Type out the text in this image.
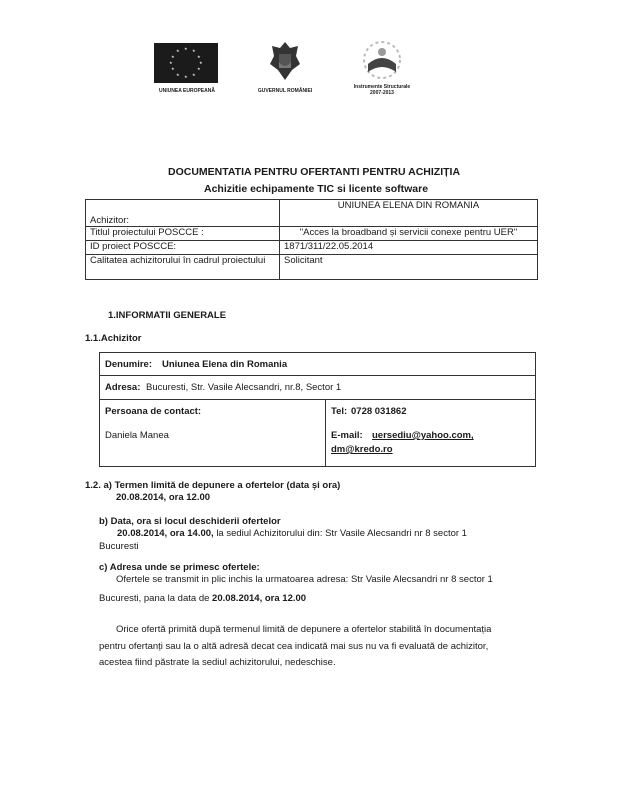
★ ★
★
★
★
★
★
★
★
★
★
★
UNIUNEA EUROPEANĂ	GUVERNUL ROMÂNIEI
Instrumente Structurale
2007-2013
DOCUMENTATIA PENTRU OFERTANTI PENTRU ACHIZIȚIA
Achizitie echipamente TIC si licente software
Achizitor:	UNIUNEA ELENA DIN ROMANIA
Titlul proiectului POSCCE :	"Acces la broadband și servicii conexe pentru UER"
ID proiect POSCCE:	1871/311/22.05.2014
Calitatea achizitorului în cadrul proiectului	Solicitant
1.INFORMATII GENERALE
1.1.Achizitor
Denumire: Uniunea Elena din Romania
Adresa: Bucuresti, Str. Vasile Alecsandri, nr.8, Sector 1
Persoana de contact:
Daniela Manea
Tel: 0728 031862
E-mail: uersediu@yahoo.com,
dm@kredo.ro
1.2. a) Termen limită de depunere a ofertelor (data și ora)
20.08.2014, ora 12.00
b) Data, ora si locul deschiderii ofertelor
20.08.2014, ora 14.00, la sediul Achizitorului din: Str Vasile Alecsandri nr 8 sector 1
Bucuresti
c) Adresa unde se primesc ofertele:
Ofertele se transmit in plic inchis la urmatoarea adresa: Str Vasile Alecsandri nr 8 sector 1
Bucuresti, pana la data de 20.08.2014, ora 12.00
Orice ofertă primită după termenul limită de depunere a ofertelor stabilită în documentația
pentru ofertanți sau la o altă adresă decat cea indicată mai sus nu va fi evaluată de achizitor,
acestea fiind păstrate la sediul achizitorului, nedeschise.
